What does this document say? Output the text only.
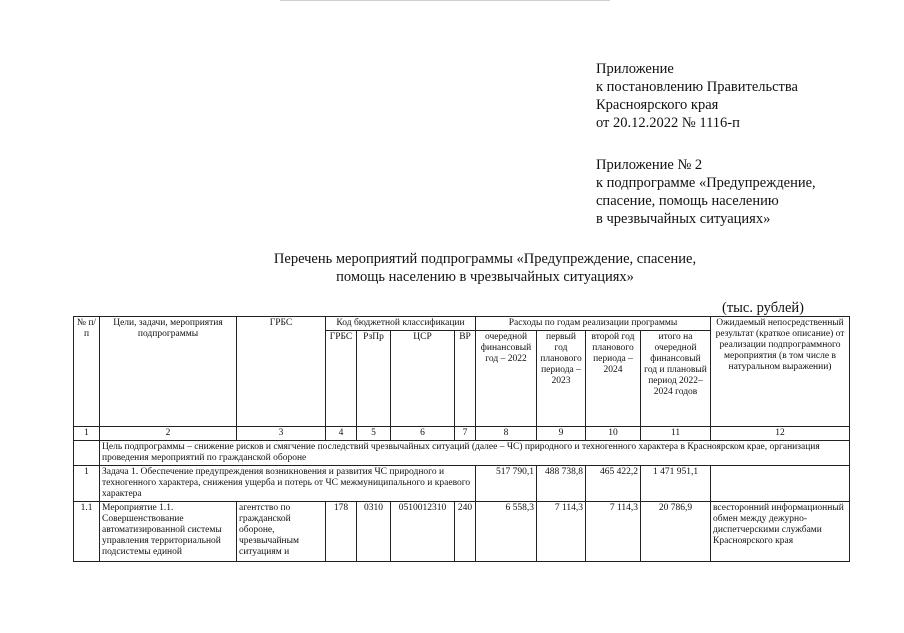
Приложение
к постановлению Правительства
Красноярского края
от 20.12.2022 № 1116-п
Приложение № 2
к подпрограмме «Предупреждение,
спасение, помощь населению
в чрезвычайных ситуациях»
Перечень мероприятий подпрограммы «Предупреждение, спасение,
помощь населению в чрезвычайных ситуациях»
(тыс. рублей)
№ п/п	Цели, задачи, мероприятия подпрограммы	ГРБС	Код бюджетной классификации				Расходы по годам реализации программы				Ожидаемый непосредственный результат (краткое описание) от реализации подпрограммного мероприятия (в том числе в натуральном выражении)
			ГРБС	РзПр	ЦСР	ВР	очередной финансовый год – 2022	первый год планового периода – 2023	второй год планового периода – 2024	итого на очередной финансовый год и плановый период 2022–2024 годов	
1	2	3	4	5	6	7	8	9	10	11	12
	Цель подпрограммы – снижение рисков и смягчение последствий чрезвычайных ситуаций (далее – ЧС) природного и техногенного характера в Красноярском крае, организация проведения мероприятий по гражданской обороне										
1	Задача 1. Обеспечение предупреждения возникновения и развития ЧС природного и техногенного характера, снижения ущерба и потерь от ЧС межмуниципального и краевого характера						517 790,1	488 738,8	465 422,2	1 471 951,1	
1.1	Мероприятие 1.1. Совершенствование автоматизированной системы управления территориальной подсистемы единой	агентство по гражданской обороне, чрезвычайным ситуациям и	178	0310	0510012310	240	6 558,3	7 114,3	7 114,3	20 786,9	всесторонний информационный обмен между дежурно-диспетчерскими службами Красноярского края
